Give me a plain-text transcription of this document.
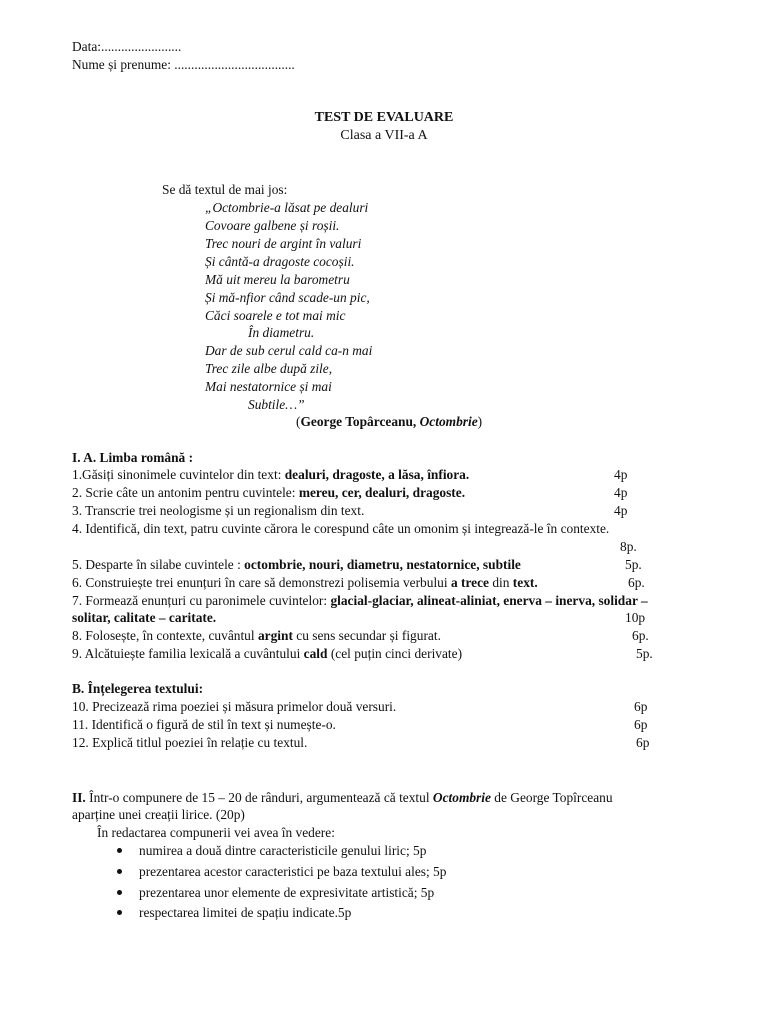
Data:........................
Nume și prenume: ....................................
TEST DE EVALUARE
Clasa a VII-a A
Se dă textul de mai jos:
„Octombrie-a lăsat pe dealuri
Covoare galbene și roșii.
Trec nouri de argint în valuri
Și cântă-a dragoste cocoșii.
Mă uit mereu la barometru
Și mă-nfior când scade-un pic,
Căci soarele e tot mai mic
În diametru.
Dar de sub cerul cald ca-n mai
Trec zile albe după zile,
Mai nestatornice și mai
Subtile…”
(George Topârceanu, Octombrie)
I. A. Limba română :
1.Găsiți sinonimele cuvintelor din text: dealuri, dragoste, a lăsa, înfiora.	4p
2. Scrie câte un antonim pentru cuvintele: mereu, cer, dealuri, dragoste.	4p
3. Transcrie trei neologisme și un regionalism din text.	4p
4. Identifică, din text, patru cuvinte cărora le corespund câte un omonim și integrează-le în contexte.
8p.
5. Desparte în silabe cuvintele : octombrie, nouri, diametru, nestatornice, subtile	5p.
6. Construiește trei enunțuri în care să demonstrezi polisemia verbului a trece din text.	6p.
7. Formează enunțuri cu paronimele cuvintelor: glacial-glaciar, alineat-aliniat, enerva – inerva, solidar –
solitar, calitate – caritate.	10p
8. Folosește, în contexte, cuvântul argint cu sens secundar și figurat.	6p.
9. Alcătuiește familia lexicală a cuvântului cald (cel puțin cinci derivate)	5p.
B. Înțelegerea textului:
10. Precizează rima poeziei și măsura primelor două versuri.	6p
11. Identifică o figură de stil în text și numește-o.	6p
12. Explică titlul poeziei în relație cu textul.	6p
II. Într-o compunere de 15 – 20 de rânduri, argumentează că textul Octombrie de George Topîrceanu
aparține unei creații lirice. (20p)
În redactarea compunerii vei avea în vedere:
numirea a două dintre caracteristicile genului liric; 5p
prezentarea acestor caracteristici pe baza textului ales; 5p
prezentarea unor elemente de expresivitate artistică; 5p
respectarea limitei de spațiu indicate.5p
